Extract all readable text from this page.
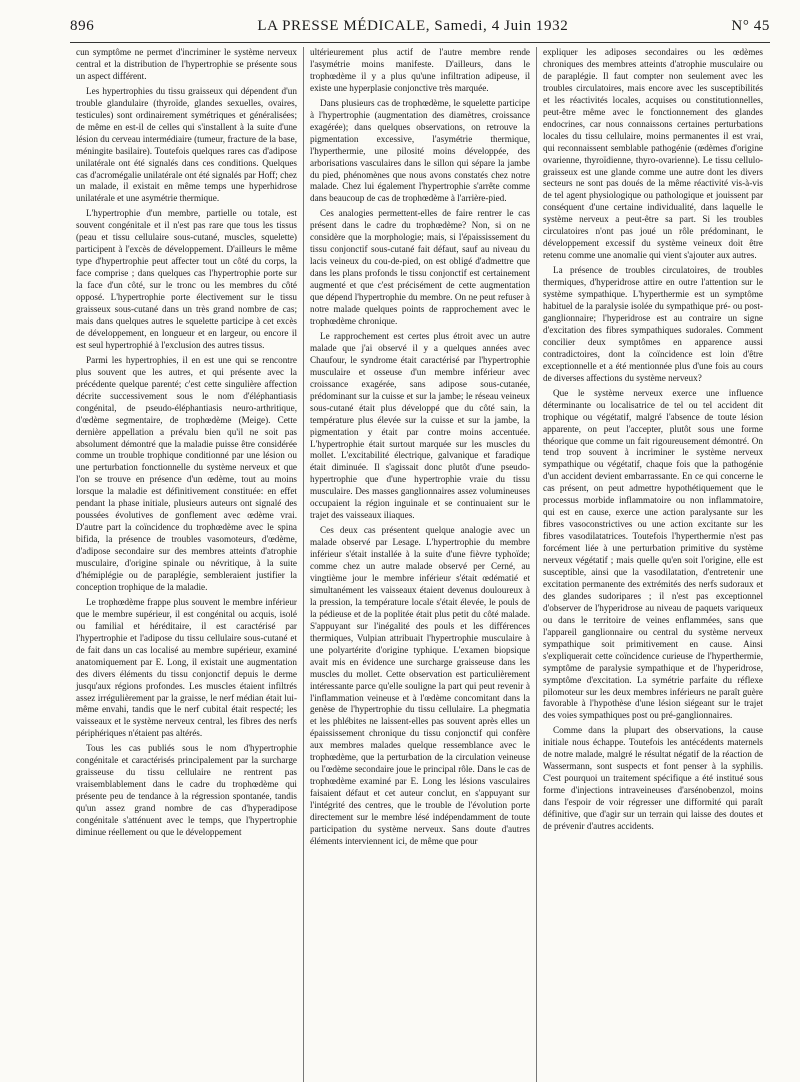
896	LA PRESSE MÉDICALE, Samedi, 4 Juin 1932	N° 45

cun symptôme ne permet d'incriminer le système nerveux central et la distribution de l'hypertrophie se présente sous un aspect différent.

Les hypertrophies du tissu graisseux qui dépendent d'un trouble glandulaire (thyroïde, glandes sexuelles, ovaires, testicules) sont ordinairement symétriques et généralisées; de même en est-il de celles qui s'installent à la suite d'une lésion du cerveau intermédiaire (tumeur, fracture de la base, méningite basilaire). Toutefois quelques rares cas d'adipose unilatérale ont été signalés dans ces conditions. Quelques cas d'acromégalie unilatérale ont été signalés par Hoff; chez un malade, il existait en même temps une hyperhidrose unilatérale et une asymétrie thermique.

L'hypertrophie d'un membre, partielle ou totale, est souvent congénitale et il n'est pas rare que tous les tissus (peau et tissu cellulaire sous-cutané, muscles, squelette) participent à l'excès de développement. D'ailleurs le même type d'hypertrophie peut affecter tout un côté du corps, la face comprise ; dans quelques cas l'hypertrophie porte sur la face d'un côté, sur le tronc ou les membres du côté opposé. L'hypertrophie porte électivement sur le tissu graisseux sous-cutané dans un très grand nombre de cas; mais dans quelques autres le squelette participe à cet excès de développement, en longueur et en largeur, ou encore il est seul hypertrophié à l'exclusion des autres tissus.

Parmi les hypertrophies, il en est une qui se rencontre plus souvent que les autres, et qui présente avec la précédente quelque parenté; c'est cette singulière affection décrite successivement sous le nom d'éléphantiasis congénital, de pseudo-éléphantiasis neuro-arthritique, d'œdème segmentaire, de trophœdème (Meige). Cette dernière appellation a prévalu bien qu'il ne soit pas absolument démontré que la maladie puisse être considérée comme un trouble trophique conditionné par une lésion ou une perturbation fonctionnelle du système nerveux et que l'on se trouve en présence d'un œdème, tout au moins lorsque la maladie est définitivement constituée: en effet pendant la phase initiale, plusieurs auteurs ont signalé des poussées évolutives de gonflement avec œdème vrai. D'autre part la coïncidence du trophœdème avec le spina bifida, la présence de troubles vasomoteurs, d'œdème, d'adipose secondaire sur des membres atteints d'atrophie musculaire, d'origine spinale ou névritique, à la suite d'hémiplégie ou de paraplégie, sembleraient justifier la conception trophique de la maladie.

Le trophœdème frappe plus souvent le membre inférieur que le membre supérieur, il est congénital ou acquis, isolé ou familial et héréditaire, il est caractérisé par l'hypertrophie et l'adipose du tissu cellulaire sous-cutané et de fait dans un cas localisé au membre supérieur, examiné anatomiquement par E. Long, il existait une augmentation des divers éléments du tissu conjonctif depuis le derme jusqu'aux régions profondes. Les muscles étaient infiltrés assez irrégulièrement par la graisse, le nerf médian était lui-même envahi, tandis que le nerf cubital était respecté; les vaisseaux et le système nerveux central, les fibres des nerfs périphériques n'étaient pas altérés.

Tous les cas publiés sous le nom d'hypertrophie congénitale et caractérisés principalement par la surcharge graisseuse du tissu cellulaire ne rentrent pas vraisemblablement dans le cadre du trophœdème qui présente peu de tendance à la régression spontanée, tandis qu'un assez grand nombre de cas d'hyperadipose congénitale s'atténuent avec le temps, que l'hypertrophie diminue réellement ou que le développement

ultérieurement plus actif de l'autre membre rende l'asymétrie moins manifeste. D'ailleurs, dans le trophœdème il y a plus qu'une infiltration adipeuse, il existe une hyperplasie conjonctive très marquée.

Dans plusieurs cas de trophœdème, le squelette participe à l'hypertrophie (augmentation des diamètres, croissance exagérée); dans quelques observations, on retrouve la pigmentation excessive, l'asymétrie thermique, l'hyperthermie, une pilosité moins développée, des arborisations vasculaires dans le sillon qui sépare la jambe du pied, phénomènes que nous avons constatés chez notre malade. Chez lui également l'hypertrophie s'arrête comme dans beaucoup de cas de trophœdème à l'arrière-pied.

Ces analogies permettent-elles de faire rentrer le cas présent dans le cadre du trophœdème? Non, si on ne considère que la morphologie; mais, si l'épaississement du tissu conjonctif sous-cutané fait défaut, sauf au niveau du lacis veineux du cou-de-pied, on est obligé d'admettre que dans les plans profonds le tissu conjonctif est certainement augmenté et que c'est précisément de cette augmentation que dépend l'hypertrophie du membre. On ne peut refuser à notre malade quelques points de rapprochement avec le trophœdème chronique.

Le rapprochement est certes plus étroit avec un autre malade que j'ai observé il y a quelques années avec Chaufour, le syndrome était caractérisé par l'hypertrophie musculaire et osseuse d'un membre inférieur avec croissance exagérée, sans adipose sous-cutanée, prédominant sur la cuisse et sur la jambe; le réseau veineux sous-cutané était plus développé que du côté sain, la température plus élevée sur la cuisse et sur la jambe, la pigmentation y était par contre moins accentuée. L'hypertrophie était surtout marquée sur les muscles du mollet. L'excitabilité électrique, galvanique et faradique était diminuée. Il s'agissait donc plutôt d'une pseudo-hypertrophie que d'une hypertrophie vraie du tissu musculaire. Des masses ganglionnaires assez volumineuses occupaient la région inguinale et se continuaient sur le trajet des vaisseaux iliaques.

Ces deux cas présentent quelque analogie avec un malade observé par Lesage. L'hypertrophie du membre inférieur s'était installée à la suite d'une fièvre typhoïde; comme chez un autre malade observé per Cerné, au vingtième jour le membre inférieur s'était œdématié et simultanément les vaisseaux étaient devenus douloureux à la pression, la température locale s'était élevée, le pouls de la pédieuse et de la poplitée était plus petit du côté malade. S'appuyant sur l'inégalité des pouls et les différences thermiques, Vulpian attribuait l'hypertrophie musculaire à une polyartérite d'origine typhique. L'examen biopsique avait mis en évidence une surcharge graisseuse dans les muscles du mollet. Cette observation est particulièrement intéressante parce qu'elle souligne la part qui peut revenir à l'inflammation veineuse et à l'œdème concomitant dans la genèse de l'hypertrophie du tissu cellulaire. La phegmatia et les phlébites ne laissent-elles pas souvent après elles un épaississement chronique du tissu conjonctif qui confère aux membres malades quelque ressemblance avec le trophœdème, que la perturbation de la circulation veineuse ou l'œdème secondaire joue le principal rôle. Dans le cas de trophœdème examiné par E. Long les lésions vasculaires faisaient défaut et cet auteur conclut, en s'appuyant sur l'intégrité des centres, que le trouble de l'évolution porte directement sur le membre lésé indépendamment de toute participation du système nerveux. Sans doute d'autres éléments interviennent ici, de même que pour

expliquer les adiposes secondaires ou les œdèmes chroniques des membres atteints d'atrophie musculaire ou de paraplégie. Il faut compter non seulement avec les troubles circulatoires, mais encore avec les susceptibilités et les réactivités locales, acquises ou constitutionnelles, peut-être même avec le fonctionnement des glandes endocrines, car nous connaissons certaines perturbations locales du tissu cellulaire, moins permanentes il est vrai, qui reconnaissent semblable pathogénie (œdèmes d'origine ovarienne, thyroïdienne, thyro-ovarienne). Le tissu cellulo-graisseux est une glande comme une autre dont les divers secteurs ne sont pas doués de la même réactivité vis-à-vis de tel agent physiologique ou pathologique et jouissent par conséquent d'une certaine individualité, dans laquelle le système nerveux a peut-être sa part. Si les troubles circulatoires n'ont pas joué un rôle prédominant, le développement excessif du système veineux doit être retenu comme une anomalie qui vient s'ajouter aux autres.

La présence de troubles circulatoires, de troubles thermiques, d'hyperidrose attire en outre l'attention sur le système sympathique. L'hyperthermie est un symptôme habituel de la paralysie isolée du sympathique pré- ou post-ganglionnaire; l'hyperidrose est au contraire un signe d'excitation des fibres sympathiques sudorales. Comment concilier deux symptômes en apparence aussi contradictoires, dont la coïncidence est loin d'être exceptionnelle et a été mentionnée plus d'une fois au cours de diverses affections du système nerveux?

Que le système nerveux exerce une influence déterminante ou localisatrice de tel ou tel accident dit trophique ou végétatif, malgré l'absence de toute lésion apparente, on peut l'accepter, plutôt sous une forme théorique que comme un fait rigoureusement démontré. On tend trop souvent à incriminer le système nerveux sympathique ou végétatif, chaque fois que la pathogénie d'un accident devient embarrassante. En ce qui concerne le cas présent, on peut admettre hypothétiquement que le processus morbide inflammatoire ou non inflammatoire, qui est en cause, exerce une action paralysante sur les fibres vasoconstrictives ou une action excitante sur les fibres vasodilatatrices. Toutefois l'hyperthermie n'est pas forcément liée à une perturbation primitive du système nerveux végétatif ; mais quelle qu'en soit l'origine, elle est susceptible, ainsi que la vasodilatation, d'entretenir une excitation permanente des extrémités des nerfs sudoraux et des glandes sudoripares ; il n'est pas exceptionnel d'observer de l'hyperidrose au niveau de paquets variqueux ou dans le territoire de veines enflammées, sans que l'appareil ganglionnaire ou central du système nerveux sympathique soit primitivement en cause. Ainsi s'expliquerait cette coïncidence curieuse de l'hyperthermie, symptôme de paralysie sympathique et de l'hyperidrose, symptôme d'excitation. La symétrie parfaite du réflexe pilomoteur sur les deux membres inférieurs ne paraît guère favorable à l'hypothèse d'une lésion siégeant sur le trajet des voies sympathiques post ou pré-ganglionnaires.

Comme dans la plupart des observations, la cause initiale nous échappe. Toutefois les antécédents maternels de notre malade, malgré le résultat négatif de la réaction de Wassermann, sont suspects et font penser à la syphilis. C'est pourquoi un traitement spécifique a été institué sous forme d'injections intraveineuses d'arsénobenzol, moins dans l'espoir de voir régresser une difformité qui paraît définitive, que d'agir sur un terrain qui laisse des doutes et de prévenir d'autres accidents.
